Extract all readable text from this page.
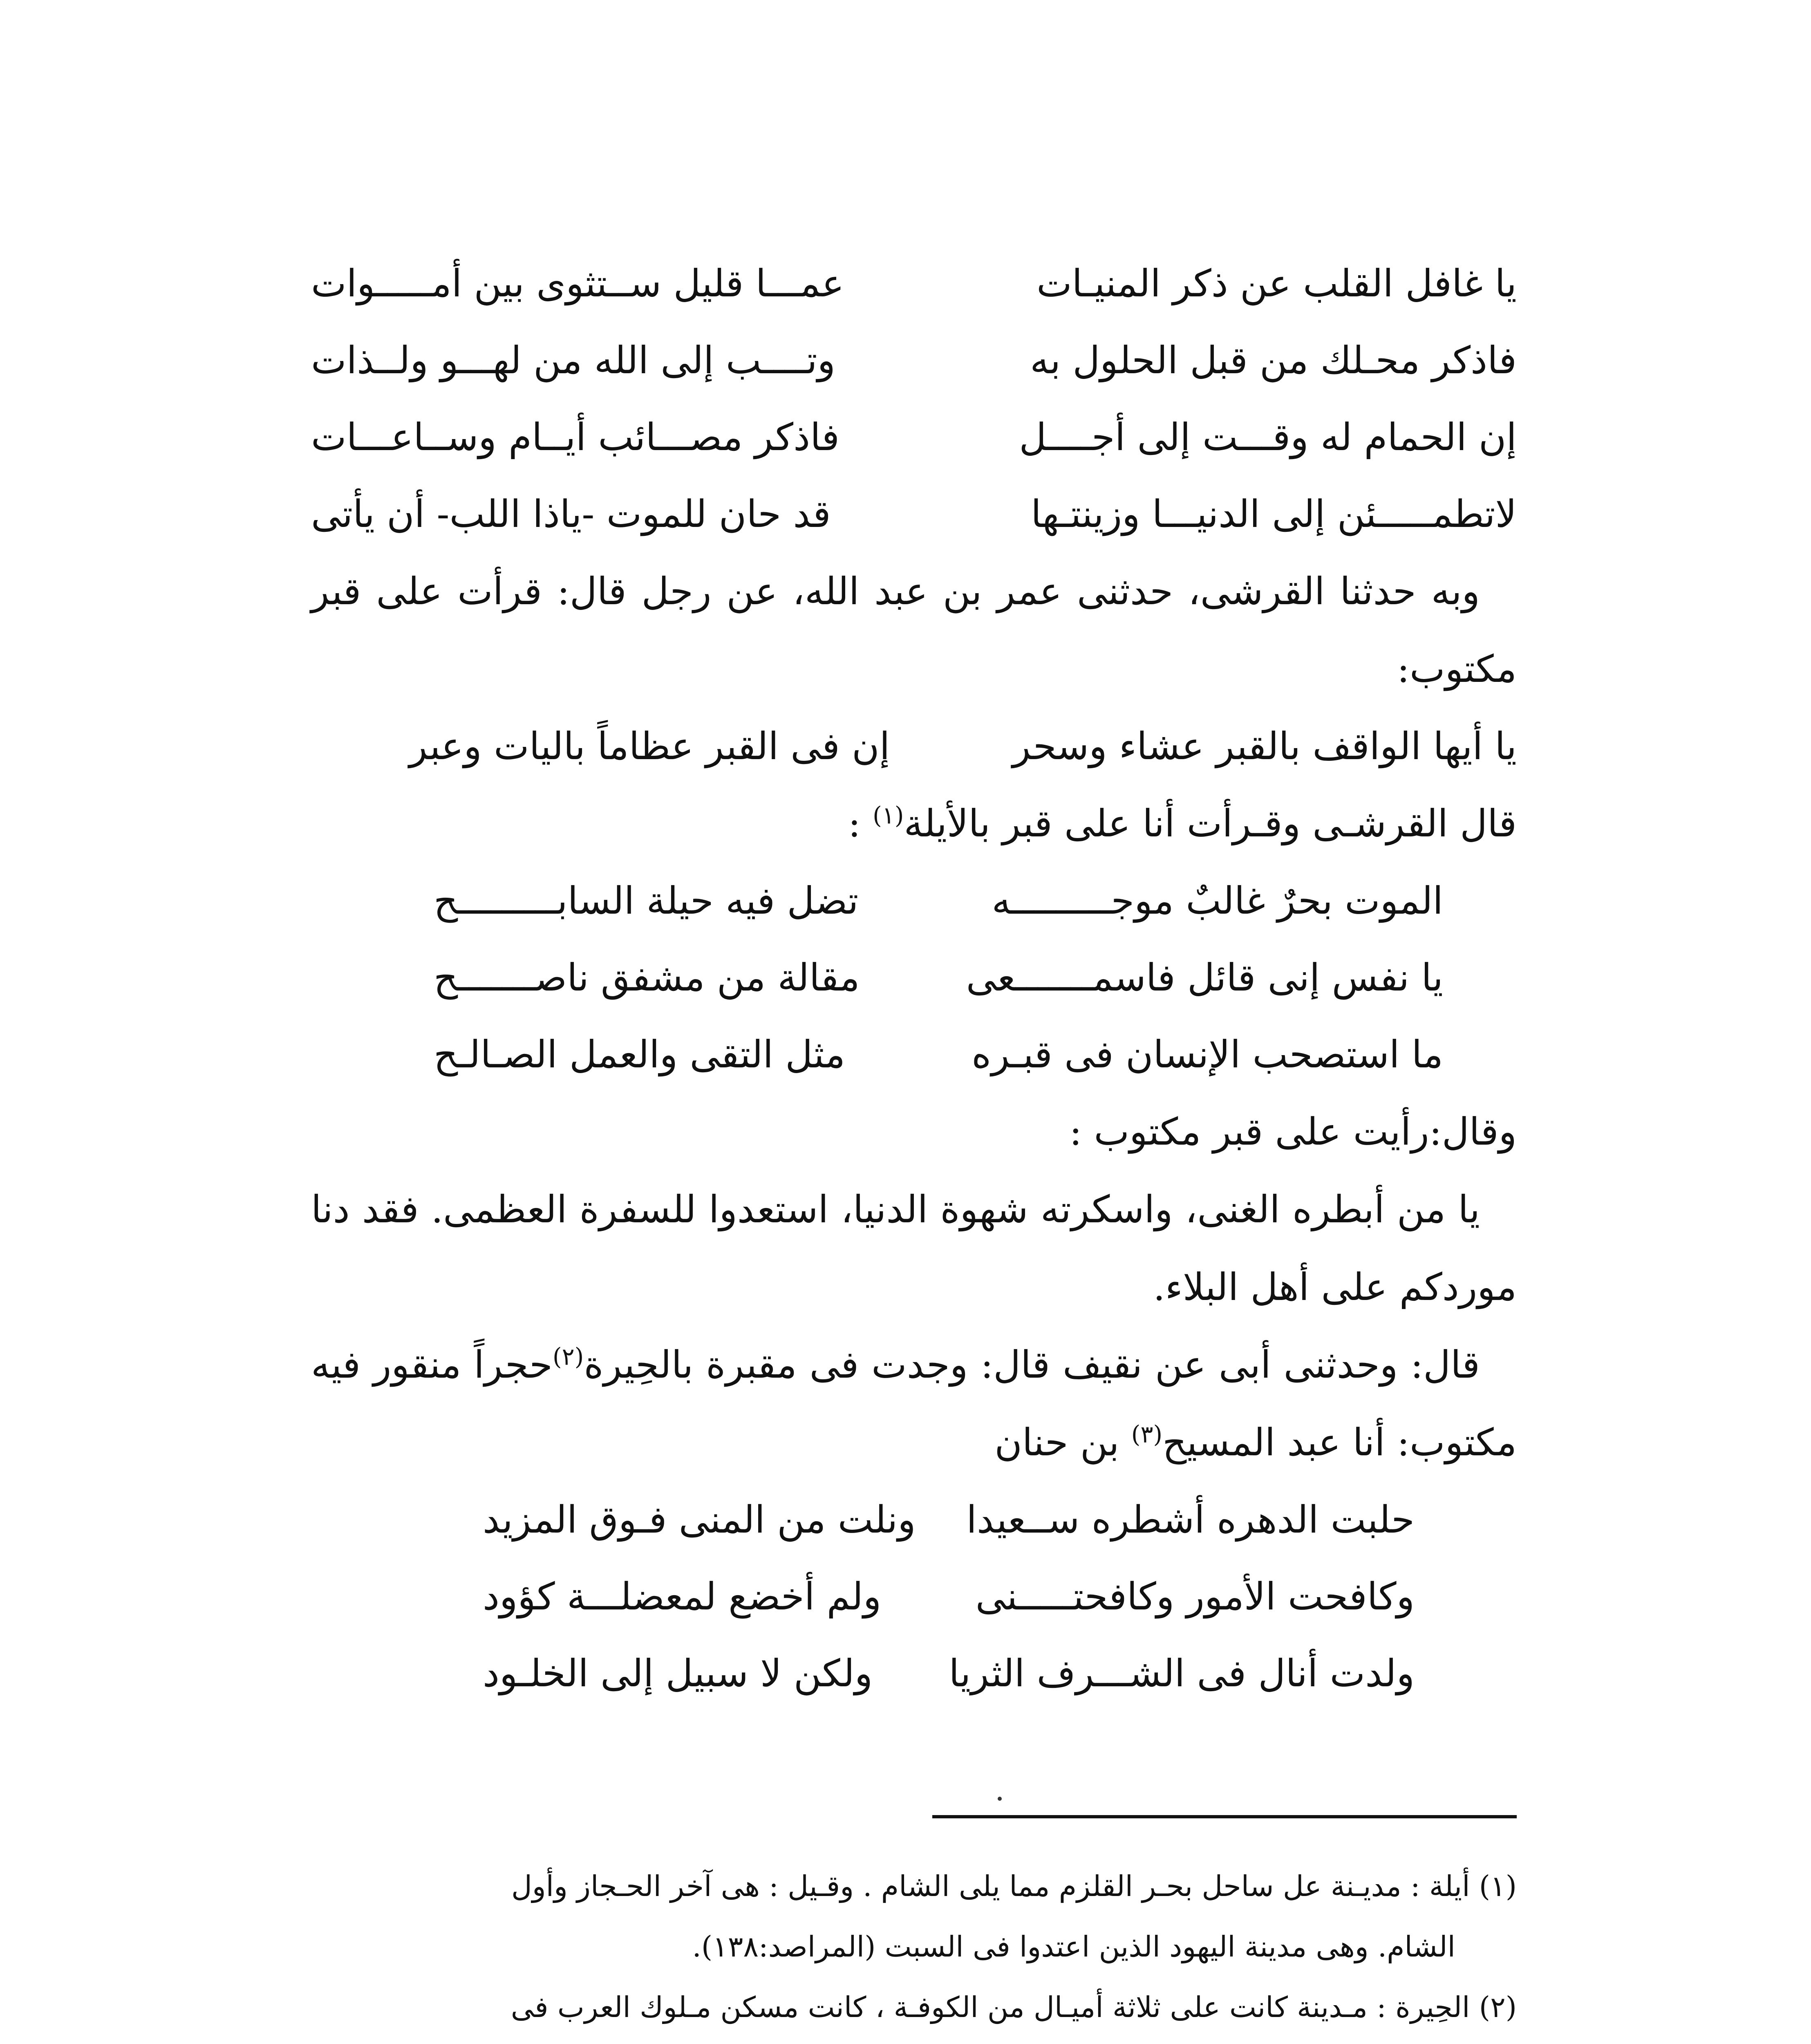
يا غافل القلب عن ذكر المنيـات
عمـــا قليل ســتثوى بين أمـــــوات
فاذكر محـلك من قبل الحلول به
وتــــب إلى الله من لهـــو ولــذات
إن الحمام له وقـــت إلى أجــــل
فاذكر مصـــائب أيــام وســاعـــات
لاتطمـــــئن إلى الدنيـــا وزينتـها
قد حان للموت -ياذا اللب- أن يأتى

وبه حدثنا القرشى، حدثنى عمر بن عبد الله، عن رجل قال: قرأت على قبر مكتوب:

يا أيها الواقف بالقبر عشاء وسحر
إن فى القبر عظاماً باليات وعبر

قال القرشـى وقـرأت أنا على قبر بالأيلة$^{(١)}$ :

الموت بحرٌ غالبٌ موجـــــــــه
تضل فيه حيلة السابـــــــــح
يا نفس إنى قائل فاسمـــــــعى
مقالة من مشفق ناصـــــــح
ما استصحب الإنسان فى قبـره
مثل التقى والعمل الصـالـح

وقال:رأيت على قبر مكتوب :

يا من أبطره الغنى، واسكرته شهوة الدنيا، استعدوا للسفرة العظمى. فقد دنا موردكم على أهل البلاء.

قال: وحدثنى أبى عن نقيف قال: وجدت فى مقبرة بالحِيرة$^{(٢)}$حجراً منقور فيه مكتوب: أنا عبد المسيح$^{(٣)}$ بن حنان

حلبت الدهره أشطره ســعيدا
ونلت من المنى فـوق المزيد
وكافحت الأمور وكافحتـــــنى
ولم أخضع لمعضلـــة كؤود
ولدت أنال فى الشـــرف الثريا
ولكن لا سبيل إلى الخلـود

(١) أيلة : مديـنة عل ساحل بحـر القلزم مما يلى الشام . وقـيل : هى آخر الحـجاز وأول
الشام. وهى مدينة اليهود الذين اعتدوا فى السبت (المراصد:١٣٨).

(٢) الحِيرة : مـدينة كانت على ثلاثة أميـال من الكوفـة ، كانت مسكن مـلوك العرب فى
